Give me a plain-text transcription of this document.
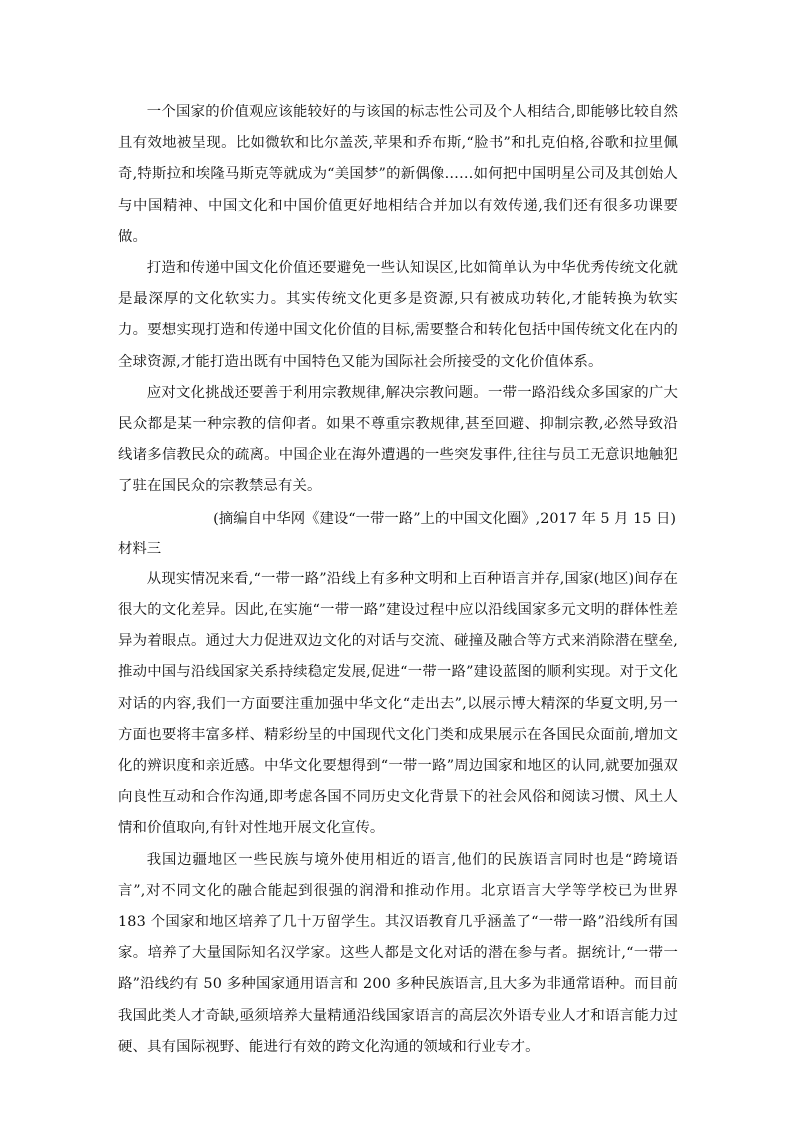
一个国家的价值观应该能较好的与该国的标志性公司及个人相结合,即能够比较自然且有效地被呈现。比如微软和比尔盖茨,苹果和乔布斯,“脸书”和扎克伯格,谷歌和拉里佩奇,特斯拉和埃隆马斯克等就成为“美国梦”的新偶像……如何把中国明星公司及其创始人与中国精神、中国文化和中国价值更好地相结合并加以有效传递,我们还有很多功课要做。

打造和传递中国文化价值还要避免一些认知误区,比如简单认为中华优秀传统文化就是最深厚的文化软实力。其实传统文化更多是资源,只有被成功转化,才能转换为软实力。要想实现打造和传递中国文化价值的目标,需要整合和转化包括中国传统文化在内的全球资源,才能打造出既有中国特色又能为国际社会所接受的文化价值体系。

应对文化挑战还要善于利用宗教规律,解决宗教问题。一带一路沿线众多国家的广大民众都是某一种宗教的信仰者。如果不尊重宗教规律,甚至回避、抑制宗教,必然导致沿线诸多信教民众的疏离。中国企业在海外遭遇的一些突发事件,往往与员工无意识地触犯了驻在国民众的宗教禁忌有关。

(摘编自中华网《建设“一带一路”上的中国文化圈》,2017 年 5 月 15 日)

材料三

从现实情况来看,“一带一路”沿线上有多种文明和上百种语言并存,国家(地区)间存在很大的文化差异。因此,在实施“一带一路”建设过程中应以沿线国家多元文明的群体性差异为着眼点。通过大力促进双边文化的对话与交流、碰撞及融合等方式来消除潜在壁垒,推动中国与沿线国家关系持续稳定发展,促进“一带一路”建设蓝图的顺利实现。对于文化对话的内容,我们一方面要注重加强中华文化“走出去”,以展示博大精深的华夏文明,另一方面也要将丰富多样、精彩纷呈的中国现代文化门类和成果展示在各国民众面前,增加文化的辨识度和亲近感。中华文化要想得到“一带一路”周边国家和地区的认同,就要加强双向良性互动和合作沟通,即考虑各国不同历史文化背景下的社会风俗和阅读习惯、风土人情和价值取向,有针对性地开展文化宣传。

我国边疆地区一些民族与境外使用相近的语言,他们的民族语言同时也是“跨境语言”,对不同文化的融合能起到很强的润滑和推动作用。北京语言大学等学校已为世界 183 个国家和地区培养了几十万留学生。其汉语教育几乎涵盖了“一带一路”沿线所有国家。培养了大量国际知名汉学家。这些人都是文化对话的潜在参与者。据统计,“一带一路”沿线约有 50 多种国家通用语言和 200 多种民族语言,且大多为非通常语种。而目前我国此类人才奇缺,亟须培养大量精通沿线国家语言的高层次外语专业人才和语言能力过硬、具有国际视野、能进行有效的跨文化沟通的领域和行业专才。
